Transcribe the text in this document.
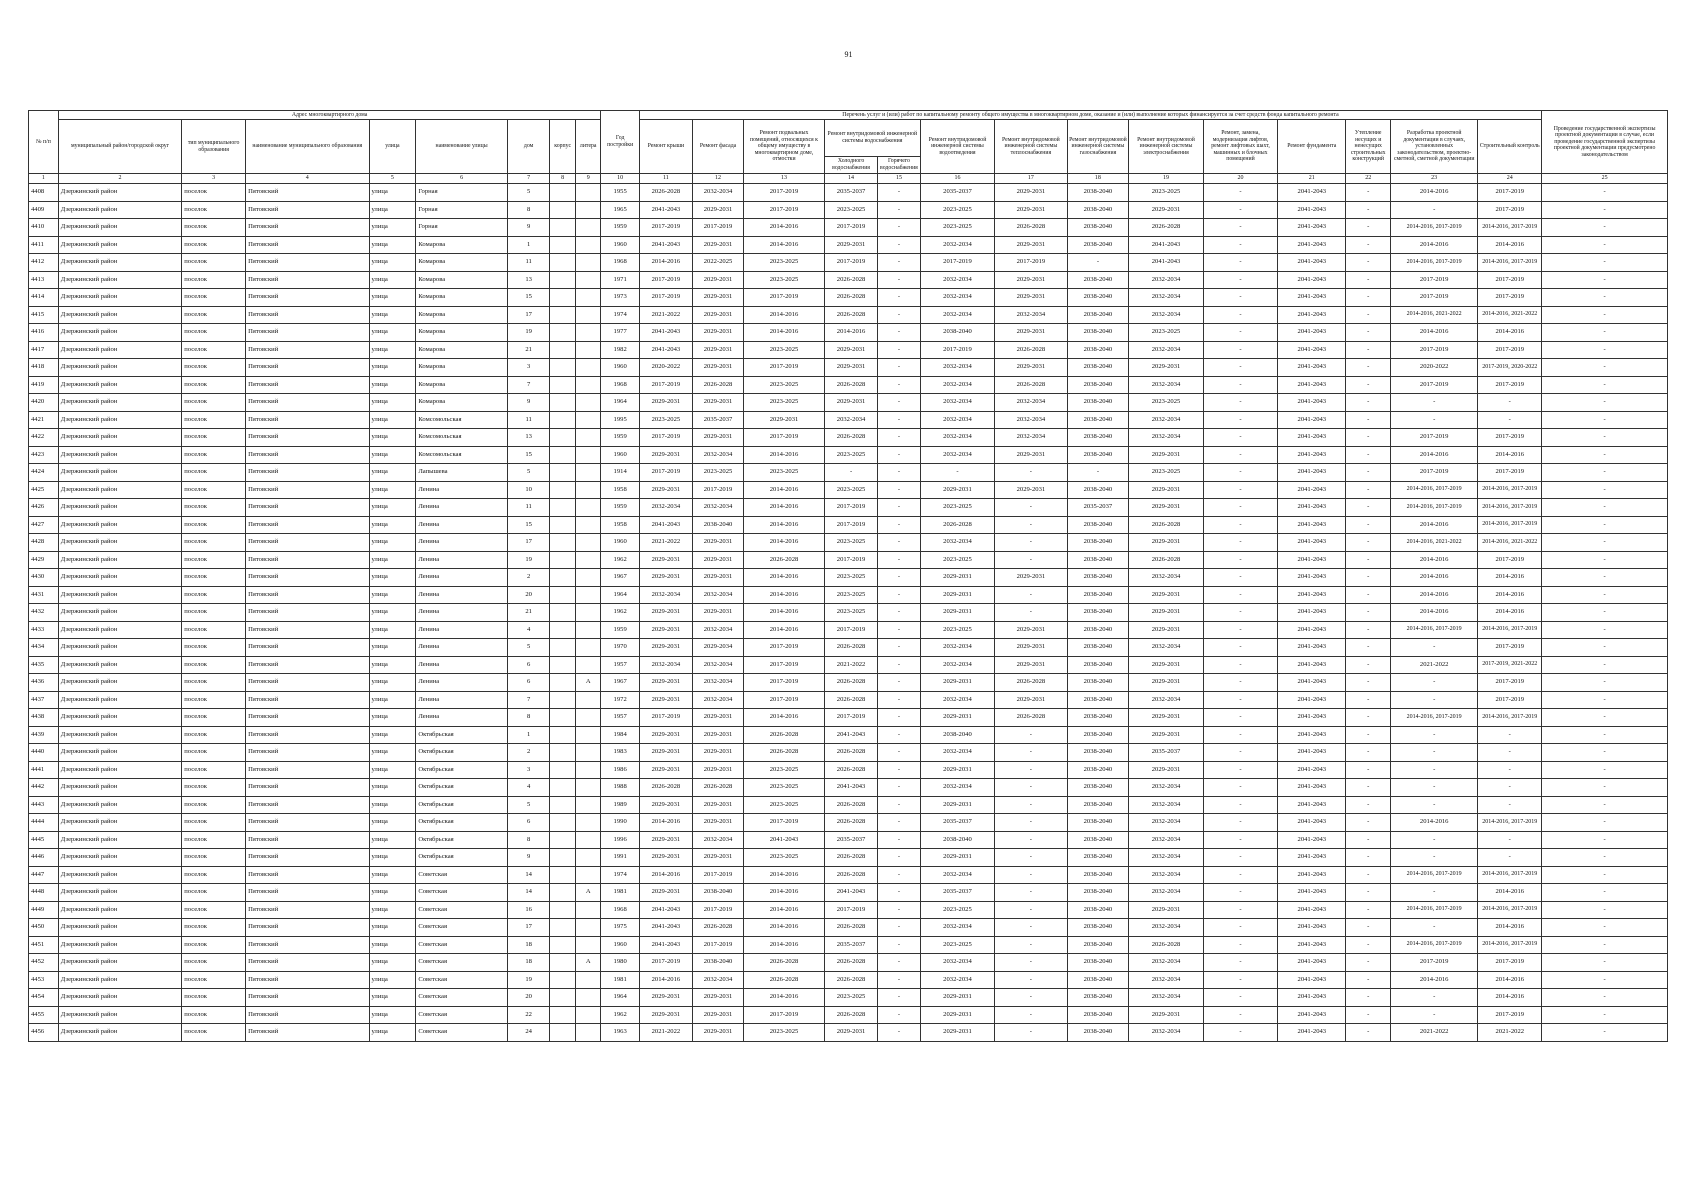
91
№ п/п	Адрес многоквартирного дома								Год постройки	Перечень услуг и (или) работ по капитальному ремонту общего имущества в многоквартирном доме, оказание и (или) выполнение которых финансируется за счет средств фонда капитального ремонта														Проведение государственной экспертизы проектной документации в случае, если проведение государственной экспертизы проектной документации предусмотрено законодательством
	муниципальный район/городской округ	тип муниципального образования	наименование муниципального образования	улица	наименование улицы	дом	корпус	литера		Ремонт крыши	Ремонт фасада	Ремонт подвальных помещений, относящихся к общему имуществу в многоквартирном доме, отмостки	Ремонт внутридомовой инженерной системы водоснабжения		Ремонт внутридомовой инженерной системы водоотведения	Ремонт внутридомовой инженерной системы теплоснабжения	Ремонт внутридомовой инженерной системы газоснабжения	Ремонт внутридомовой инженерной системы электроснабжения	Ремонт, замена, модернизация лифтов, ремонт лифтовых шахт, машинных и блочных помещений	Ремонт фундамента	Утепление несущих и ненесущих строительных конструкций	Разработка проектной документации в случаях, установленных законодательством, проектно-сметной, сметной документации	Строительный контроль	
													Холодного водоснабжения	Горячего водоснабжения										
1	2	3	4	5	6	7	8	9	10	11	12	13	14	15	16	17	18	19	20	21	22	23	24	25
4408	Дзержинский район	поселок	Пятовский	улица	Горная	5			1955	2026-2028	2032-2034	2017-2019	2035-2037	-	2035-2037	2029-2031	2038-2040	2023-2025	-	2041-2043	-	2014-2016	2017-2019	-
4409	Дзержинский район	поселок	Пятовский	улица	Горная	8			1965	2041-2043	2029-2031	2017-2019	2023-2025	-	2023-2025	2029-2031	2038-2040	2029-2031	-	2041-2043	-	-	2017-2019	-
4410	Дзержинский район	поселок	Пятовский	улица	Горная	9			1959	2017-2019	2017-2019	2014-2016	2017-2019	-	2023-2025	2026-2028	2038-2040	2026-2028	-	2041-2043	-	2014-2016, 2017-2019	2014-2016, 2017-2019	-
4411	Дзержинский район	поселок	Пятовский	улица	Комарова	1			1960	2041-2043	2029-2031	2014-2016	2029-2031	-	2032-2034	2029-2031	2038-2040	2041-2043	-	2041-2043	-	2014-2016	2014-2016	-
4412	Дзержинский район	поселок	Пятовский	улица	Комарова	11			1968	2014-2016	2022-2025	2023-2025	2017-2019	-	2017-2019	2017-2019	-	2041-2043	-	2041-2043	-	2014-2016, 2017-2019	2014-2016, 2017-2019	-
4413	Дзержинский район	поселок	Пятовский	улица	Комарова	13			1971	2017-2019	2029-2031	2023-2025	2026-2028	-	2032-2034	2029-2031	2038-2040	2032-2034	-	2041-2043	-	2017-2019	2017-2019	-
4414	Дзержинский район	поселок	Пятовский	улица	Комарова	15			1973	2017-2019	2029-2031	2017-2019	2026-2028	-	2032-2034	2029-2031	2038-2040	2032-2034	-	2041-2043	-	2017-2019	2017-2019	-
4415	Дзержинский район	поселок	Пятовский	улица	Комарова	17			1974	2021-2022	2029-2031	2014-2016	2026-2028	-	2032-2034	2032-2034	2038-2040	2032-2034	-	2041-2043	-	2014-2016, 2021-2022	2014-2016, 2021-2022	-
4416	Дзержинский район	поселок	Пятовский	улица	Комарова	19			1977	2041-2043	2029-2031	2014-2016	2014-2016	-	2038-2040	2029-2031	2038-2040	2023-2025	-	2041-2043	-	2014-2016	2014-2016	-
4417	Дзержинский район	поселок	Пятовский	улица	Комарова	21			1982	2041-2043	2029-2031	2023-2025	2029-2031	-	2017-2019	2026-2028	2038-2040	2032-2034	-	2041-2043	-	2017-2019	2017-2019	-
4418	Дзержинский район	поселок	Пятовский	улица	Комарова	3			1960	2020-2022	2029-2031	2017-2019	2029-2031	-	2032-2034	2029-2031	2038-2040	2029-2031	-	2041-2043	-	2020-2022	2017-2019, 2020-2022	-
4419	Дзержинский район	поселок	Пятовский	улица	Комарова	7			1968	2017-2019	2026-2028	2023-2025	2026-2028	-	2032-2034	2026-2028	2038-2040	2032-2034	-	2041-2043	-	2017-2019	2017-2019	-
4420	Дзержинский район	поселок	Пятовский	улица	Комарова	9			1964	2029-2031	2029-2031	2023-2025	2029-2031	-	2032-2034	2032-2034	2038-2040	2023-2025	-	2041-2043	-	-	-	-
4421	Дзержинский район	поселок	Пятовский	улица	Комсомольская	11			1995	2023-2025	2035-2037	2029-2031	2032-2034	-	2032-2034	2032-2034	2038-2040	2032-2034	-	2041-2043	-	-	-	-
4422	Дзержинский район	поселок	Пятовский	улица	Комсомольская	13			1959	2017-2019	2029-2031	2017-2019	2026-2028	-	2032-2034	2032-2034	2038-2040	2032-2034	-	2041-2043	-	2017-2019	2017-2019	-
4423	Дзержинский район	поселок	Пятовский	улица	Комсомольская	15			1960	2029-2031	2032-2034	2014-2016	2023-2025	-	2032-2034	2029-2031	2038-2040	2029-2031	-	2041-2043	-	2014-2016	2014-2016	-
4424	Дзержинский район	поселок	Пятовский	улица	Лапышева	5			1914	2017-2019	2023-2025	2023-2025	-	-	-	-	-	2023-2025	-	2041-2043	-	2017-2019	2017-2019	-
4425	Дзержинский район	поселок	Пятовский	улица	Ленина	10			1958	2029-2031	2017-2019	2014-2016	2023-2025	-	2029-2031	2029-2031	2038-2040	2029-2031	-	2041-2043	-	2014-2016, 2017-2019	2014-2016, 2017-2019	-
4426	Дзержинский район	поселок	Пятовский	улица	Ленина	11			1959	2032-2034	2032-2034	2014-2016	2017-2019	-	2023-2025	-	2035-2037	2029-2031	-	2041-2043	-	2014-2016, 2017-2019	2014-2016, 2017-2019	-
4427	Дзержинский район	поселок	Пятовский	улица	Ленина	15			1958	2041-2043	2038-2040	2014-2016	2017-2019	-	2026-2028	-	2038-2040	2026-2028	-	2041-2043	-	2014-2016	2014-2016, 2017-2019	-
4428	Дзержинский район	поселок	Пятовский	улица	Ленина	17			1960	2021-2022	2029-2031	2014-2016	2023-2025	-	2032-2034	-	2038-2040	2029-2031	-	2041-2043	-	2014-2016, 2021-2022	2014-2016, 2021-2022	-
4429	Дзержинский район	поселок	Пятовский	улица	Ленина	19			1962	2029-2031	2029-2031	2026-2028	2017-2019	-	2023-2025	-	2038-2040	2026-2028	-	2041-2043	-	2014-2016	2017-2019	-
4430	Дзержинский район	поселок	Пятовский	улица	Ленина	2			1967	2029-2031	2029-2031	2014-2016	2023-2025	-	2029-2031	2029-2031	2038-2040	2032-2034	-	2041-2043	-	2014-2016	2014-2016	-
4431	Дзержинский район	поселок	Пятовский	улица	Ленина	20			1964	2032-2034	2032-2034	2014-2016	2023-2025	-	2029-2031	-	2038-2040	2029-2031	-	2041-2043	-	2014-2016	2014-2016	-
4432	Дзержинский район	поселок	Пятовский	улица	Ленина	21			1962	2029-2031	2029-2031	2014-2016	2023-2025	-	2029-2031	-	2038-2040	2029-2031	-	2041-2043	-	2014-2016	2014-2016	-
4433	Дзержинский район	поселок	Пятовский	улица	Ленина	4			1959	2029-2031	2032-2034	2014-2016	2017-2019	-	2023-2025	2029-2031	2038-2040	2029-2031	-	2041-2043	-	2014-2016, 2017-2019	2014-2016, 2017-2019	-
4434	Дзержинский район	поселок	Пятовский	улица	Ленина	5			1970	2029-2031	2029-2034	2017-2019	2026-2028	-	2032-2034	2029-2031	2038-2040	2032-2034	-	2041-2043	-	-	2017-2019	-
4435	Дзержинский район	поселок	Пятовский	улица	Ленина	6			1957	2032-2034	2032-2034	2017-2019	2021-2022	-	2032-2034	2029-2031	2038-2040	2029-2031	-	2041-2043	-	2021-2022	2017-2019, 2021-2022	-
4436	Дзержинский район	поселок	Пятовский	улица	Ленина	6		А	1967	2029-2031	2032-2034	2017-2019	2026-2028	-	2029-2031	2026-2028	2038-2040	2029-2031	-	2041-2043	-	-	2017-2019	-
4437	Дзержинский район	поселок	Пятовский	улица	Ленина	7			1972	2029-2031	2032-2034	2017-2019	2026-2028	-	2032-2034	2029-2031	2038-2040	2032-2034	-	2041-2043	-	-	2017-2019	-
4438	Дзержинский район	поселок	Пятовский	улица	Ленина	8			1957	2017-2019	2029-2031	2014-2016	2017-2019	-	2029-2031	2026-2028	2038-2040	2029-2031	-	2041-2043	-	2014-2016, 2017-2019	2014-2016, 2017-2019	-
4439	Дзержинский район	поселок	Пятовский	улица	Октябрьская	1			1984	2029-2031	2029-2031	2026-2028	2041-2043	-	2038-2040	-	2038-2040	2029-2031	-	2041-2043	-	-	-	-
4440	Дзержинский район	поселок	Пятовский	улица	Октябрьская	2			1983	2029-2031	2029-2031	2026-2028	2026-2028	-	2032-2034	-	2038-2040	2035-2037	-	2041-2043	-	-	-	-
4441	Дзержинский район	поселок	Пятовский	улица	Октябрьская	3			1986	2029-2031	2029-2031	2023-2025	2026-2028	-	2029-2031	-	2038-2040	2029-2031	-	2041-2043	-	-	-	-
4442	Дзержинский район	поселок	Пятовский	улица	Октябрьская	4			1988	2026-2028	2026-2028	2023-2025	2041-2043	-	2032-2034	-	2038-2040	2032-2034	-	2041-2043	-	-	-	-
4443	Дзержинский район	поселок	Пятовский	улица	Октябрьская	5			1989	2029-2031	2029-2031	2023-2025	2026-2028	-	2029-2031	-	2038-2040	2032-2034	-	2041-2043	-	-	-	-
4444	Дзержинский район	поселок	Пятовский	улица	Октябрьская	6			1990	2014-2016	2029-2031	2017-2019	2026-2028	-	2035-2037	-	2038-2040	2032-2034	-	2041-2043	-	2014-2016	2014-2016, 2017-2019	-
4445	Дзержинский район	поселок	Пятовский	улица	Октябрьская	8			1996	2029-2031	2032-2034	2041-2043	2035-2037	-	2038-2040	-	2038-2040	2032-2034	-	2041-2043	-	-	-	-
4446	Дзержинский район	поселок	Пятовский	улица	Октябрьская	9			1991	2029-2031	2029-2031	2023-2025	2026-2028	-	2029-2031	-	2038-2040	2032-2034	-	2041-2043	-	-	-	-
4447	Дзержинский район	поселок	Пятовский	улица	Советская	14			1974	2014-2016	2017-2019	2014-2016	2026-2028	-	2032-2034	-	2038-2040	2032-2034	-	2041-2043	-	2014-2016, 2017-2019	2014-2016, 2017-2019	-
4448	Дзержинский район	поселок	Пятовский	улица	Советская	14		А	1981	2029-2031	2038-2040	2014-2016	2041-2043	-	2035-2037	-	2038-2040	2032-2034	-	2041-2043	-	-	2014-2016	-
4449	Дзержинский район	поселок	Пятовский	улица	Советская	16			1968	2041-2043	2017-2019	2014-2016	2017-2019	-	2023-2025	-	2038-2040	2029-2031	-	2041-2043	-	2014-2016, 2017-2019	2014-2016, 2017-2019	-
4450	Дзержинский район	поселок	Пятовский	улица	Советская	17			1975	2041-2043	2026-2028	2014-2016	2026-2028	-	2032-2034	-	2038-2040	2032-2034	-	2041-2043	-	-	2014-2016	-
4451	Дзержинский район	поселок	Пятовский	улица	Советская	18			1960	2041-2043	2017-2019	2014-2016	2035-2037	-	2023-2025	-	2038-2040	2026-2028	-	2041-2043	-	2014-2016, 2017-2019	2014-2016, 2017-2019	-
4452	Дзержинский район	поселок	Пятовский	улица	Советская	18		А	1980	2017-2019	2038-2040	2026-2028	2026-2028	-	2032-2034	-	2038-2040	2032-2034	-	2041-2043	-	2017-2019	2017-2019	-
4453	Дзержинский район	поселок	Пятовский	улица	Советская	19			1981	2014-2016	2032-2034	2026-2028	2026-2028	-	2032-2034	-	2038-2040	2032-2034	-	2041-2043	-	2014-2016	2014-2016	-
4454	Дзержинский район	поселок	Пятовский	улица	Советская	20			1964	2029-2031	2029-2031	2014-2016	2023-2025	-	2029-2031	-	2038-2040	2032-2034	-	2041-2043	-	-	2014-2016	-
4455	Дзержинский район	поселок	Пятовский	улица	Советская	22			1962	2029-2031	2029-2031	2017-2019	2026-2028	-	2029-2031	-	2038-2040	2029-2031	-	2041-2043	-	-	2017-2019	-
4456	Дзержинский район	поселок	Пятовский	улица	Советская	24			1963	2021-2022	2029-2031	2023-2025	2029-2031	-	2029-2031	-	2038-2040	2032-2034	-	2041-2043	-	2021-2022	2021-2022	-
